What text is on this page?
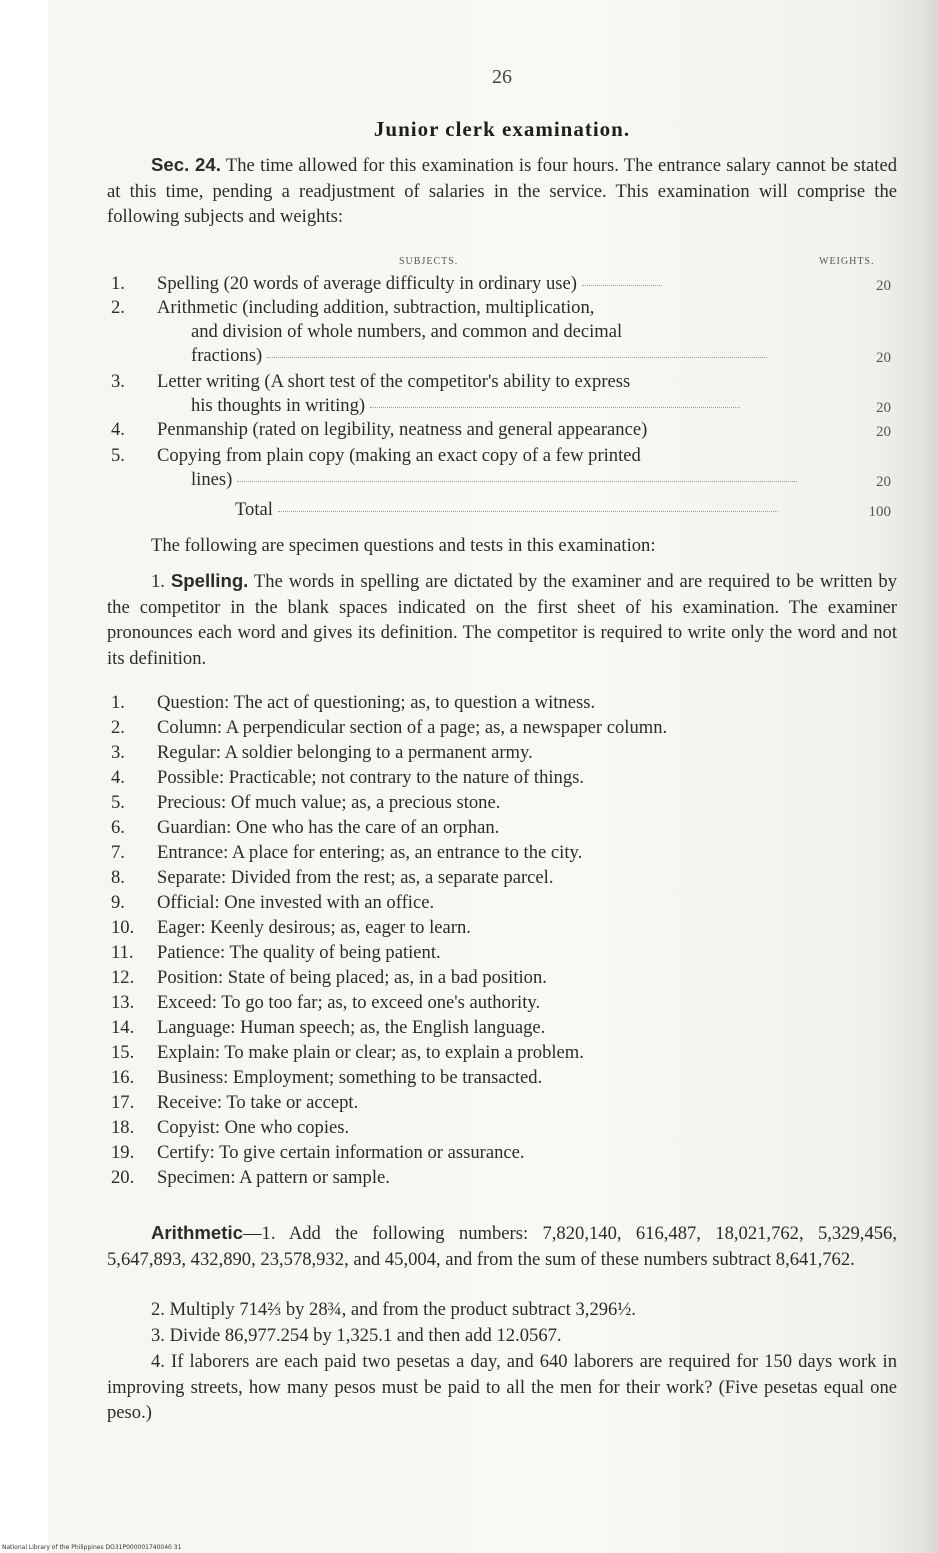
26
Junior clerk examination.

Sec. 24. The time allowed for this examination is four hours. The entrance salary cannot be stated at this time, pending a readjustment of salaries in the service. This examination will comprise the following subjects and weights:

SUBJECTS.	WEIGHTS.
1.	Spelling (20 words of average difficulty in ordinary use)	20
2.	Arithmetic (including addition, subtraction, multiplication,
and division of whole numbers, and common and decimal
fractions)	20
3.	Letter writing (A short test of the competitor's ability to express
his thoughts in writing)	20
4.	Penmanship (rated on legibility, neatness and general appearance)	20
5.	Copying from plain copy (making an exact copy of a few printed
lines)	20
Total	100

The following are specimen questions and tests in this examination:

1. Spelling. The words in spelling are dictated by the examiner and are required to be written by the competitor in the blank spaces indicated on the first sheet of his examination. The examiner pronounces each word and gives its definition. The competitor is required to write only the word and not its definition.

1.	Question: The act of questioning; as, to question a witness.
2.	Column: A perpendicular section of a page; as, a newspaper column.
3.	Regular: A soldier belonging to a permanent army.
4.	Possible: Practicable; not contrary to the nature of things.
5.	Precious: Of much value; as, a precious stone.
6.	Guardian: One who has the care of an orphan.
7.	Entrance: A place for entering; as, an entrance to the city.
8.	Separate: Divided from the rest; as, a separate parcel.
9.	Official: One invested with an office.
10.	Eager: Keenly desirous; as, eager to learn.
11.	Patience: The quality of being patient.
12.	Position: State of being placed; as, in a bad position.
13.	Exceed: To go too far; as, to exceed one's authority.
14.	Language: Human speech; as, the English language.
15.	Explain: To make plain or clear; as, to explain a problem.
16.	Business: Employment; something to be transacted.
17.	Receive: To take or accept.
18.	Copyist: One who copies.
19.	Certify: To give certain information or assurance.
20.	Specimen: A pattern or sample.

Arithmetic—1. Add the following numbers: 7,820,140, 616,487, 18,021,762, 5,329,456, 5,647,893, 432,890, 23,578,932, and 45,004, and from the sum of these numbers subtract 8,641,762.

2. Multiply 714⅔ by 28¾, and from the product subtract 3,296½.

3. Divide 86,977.254 by 1,325.1 and then add 12.0567.

4. If laborers are each paid two pesetas a day, and 640 laborers are required for 150 days work in improving streets, how many pesos must be paid to all the men for their work? (Five pesetas equal one peso.)

National Library of the Philippines DO31P000001740040 31
